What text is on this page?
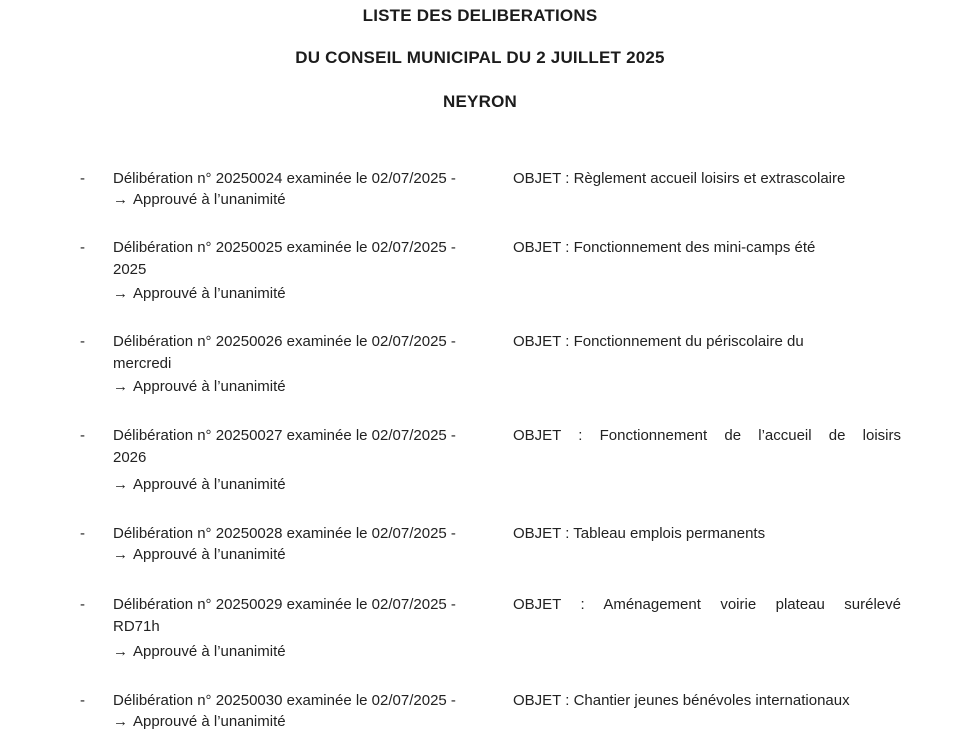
LISTE DES DELIBERATIONS
DU CONSEIL MUNICIPAL DU 2 JUILLET 2025
NEYRON
- Délibération n° 20250024 examinée le 02/07/2025 -	OBJET : Règlement accueil loisirs et extrascolaire
→ Approuvé à l’unanimité
- Délibération n° 20250025 examinée le 02/07/2025 -	OBJET : Fonctionnement des mini-camps été
2025
→ Approuvé à l’unanimité
- Délibération n° 20250026 examinée le 02/07/2025 -	OBJET : Fonctionnement du périscolaire du
mercredi
→ Approuvé à l’unanimité
- Délibération n° 20250027 examinée le 02/07/2025 -	OBJET : Fonctionnement de l’accueil de loisirs
2026
→ Approuvé à l’unanimité
- Délibération n° 20250028 examinée le 02/07/2025 -	OBJET : Tableau emplois permanents
→ Approuvé à l’unanimité
- Délibération n° 20250029 examinée le 02/07/2025 -	OBJET : Aménagement voirie plateau surélevé
RD71h
→ Approuvé à l’unanimité
- Délibération n° 20250030 examinée le 02/07/2025 -	OBJET : Chantier jeunes bénévoles internationaux
→ Approuvé à l’unanimité
